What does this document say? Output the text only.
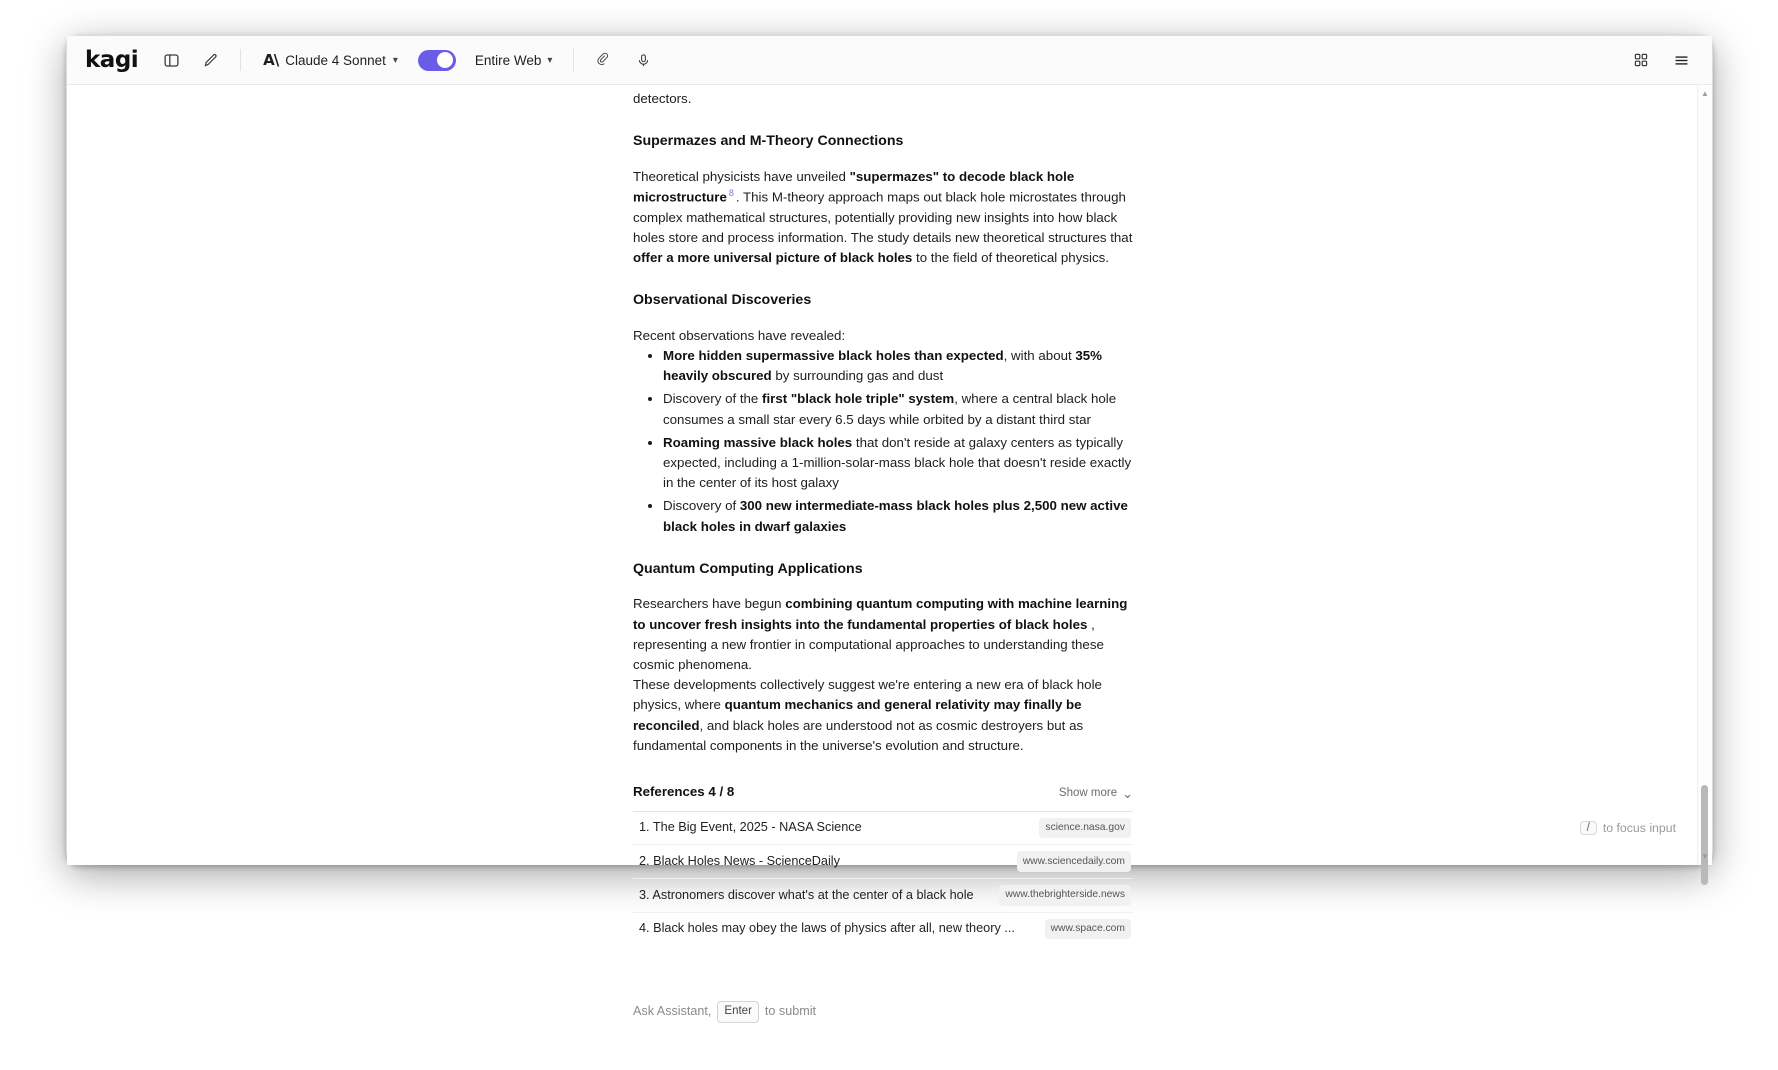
kagi	A\ Claude 4 Sonnet ▾	Entire Web ▾

detectors.

Supermazes and M-Theory Connections

Theoretical physicists have unveiled "supermazes" to decode black hole microstructure $^8$ . This M-theory approach maps out black hole microstates through complex mathematical structures, potentially providing new insights into how black holes store and process information. The study details new theoretical structures that offer a more universal picture of black holes to the field of theoretical physics.

Observational Discoveries

Recent observations have revealed:

• More hidden supermassive black holes than expected, with about 35% heavily obscured by surrounding gas and dust
• Discovery of the first "black hole triple" system, where a central black hole consumes a small star every 6.5 days while orbited by a distant third star
• Roaming massive black holes that don't reside at galaxy centers as typically expected, including a 1-million-solar-mass black hole that doesn't reside exactly in the center of its host galaxy
• Discovery of 300 new intermediate-mass black holes plus 2,500 new active black holes in dwarf galaxies
Quantum Computing Applications

Researchers have begun combining quantum computing with machine learning to uncover fresh insights into the fundamental properties of black holes , representing a new frontier in computational approaches to understanding these cosmic phenomena.

These developments collectively suggest we're entering a new era of black hole physics, where quantum mechanics and general relativity may finally be reconciled, and black holes are understood not as cosmic destroyers but as fundamental components in the universe's evolution and structure.

References 4 / 8	Show more ⌄
1. The Big Event, 2025 - NASA Science	science.nasa.gov
2. Black Holes News - ScienceDaily	www.sciencedaily.com
3. Astronomers discover what's at the center of a black hole	www.thebrighterside.news
4. Black holes may obey the laws of physics after all, new theory ...	www.space.com
Ask Assistant,	Enter	to submit
/	to focus input
▲
▼
